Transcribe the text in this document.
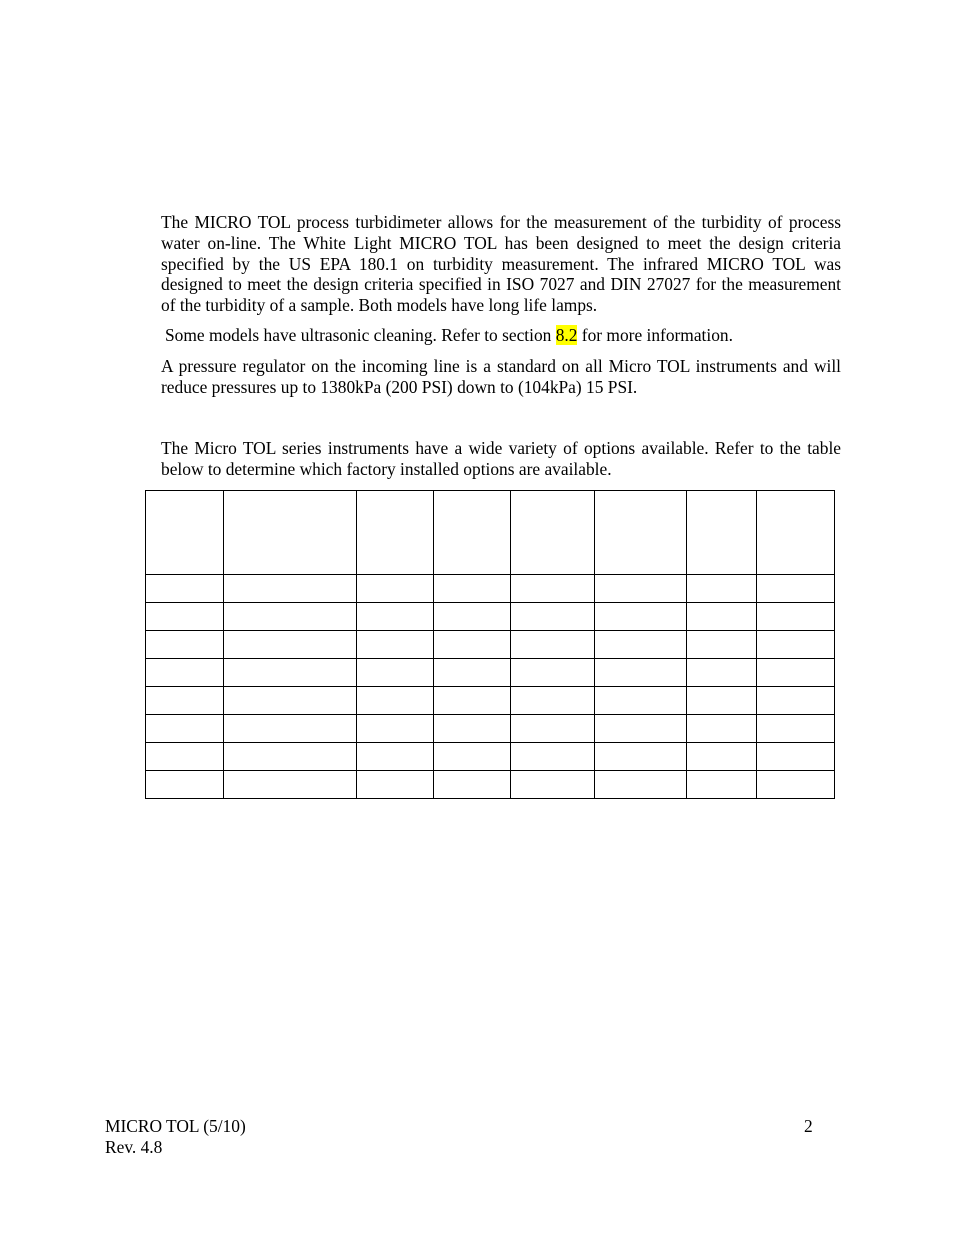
The MICRO TOL process turbidimeter allows for the measurement of the turbidity of process water on-line. The White Light MICRO TOL has been designed to meet the design criteria specified by the US EPA 180.1 on turbidity measurement. The infrared MICRO TOL was designed to meet the design criteria specified in ISO 7027 and DIN 27027 for the measurement of the turbidity of a sample. Both models have long life lamps.

Some models have ultrasonic cleaning. Refer to section 8.2 for more information.

A pressure regulator on the incoming line is a standard on all Micro TOL instruments and will reduce pressures up to 1380kPa (200 PSI) down to (104kPa) 15 PSI.

The Micro TOL series instruments have a wide variety of options available. Refer to the table below to determine which factory installed options are available.

MICRO TOL (5/10)
Rev. 4.8
2
